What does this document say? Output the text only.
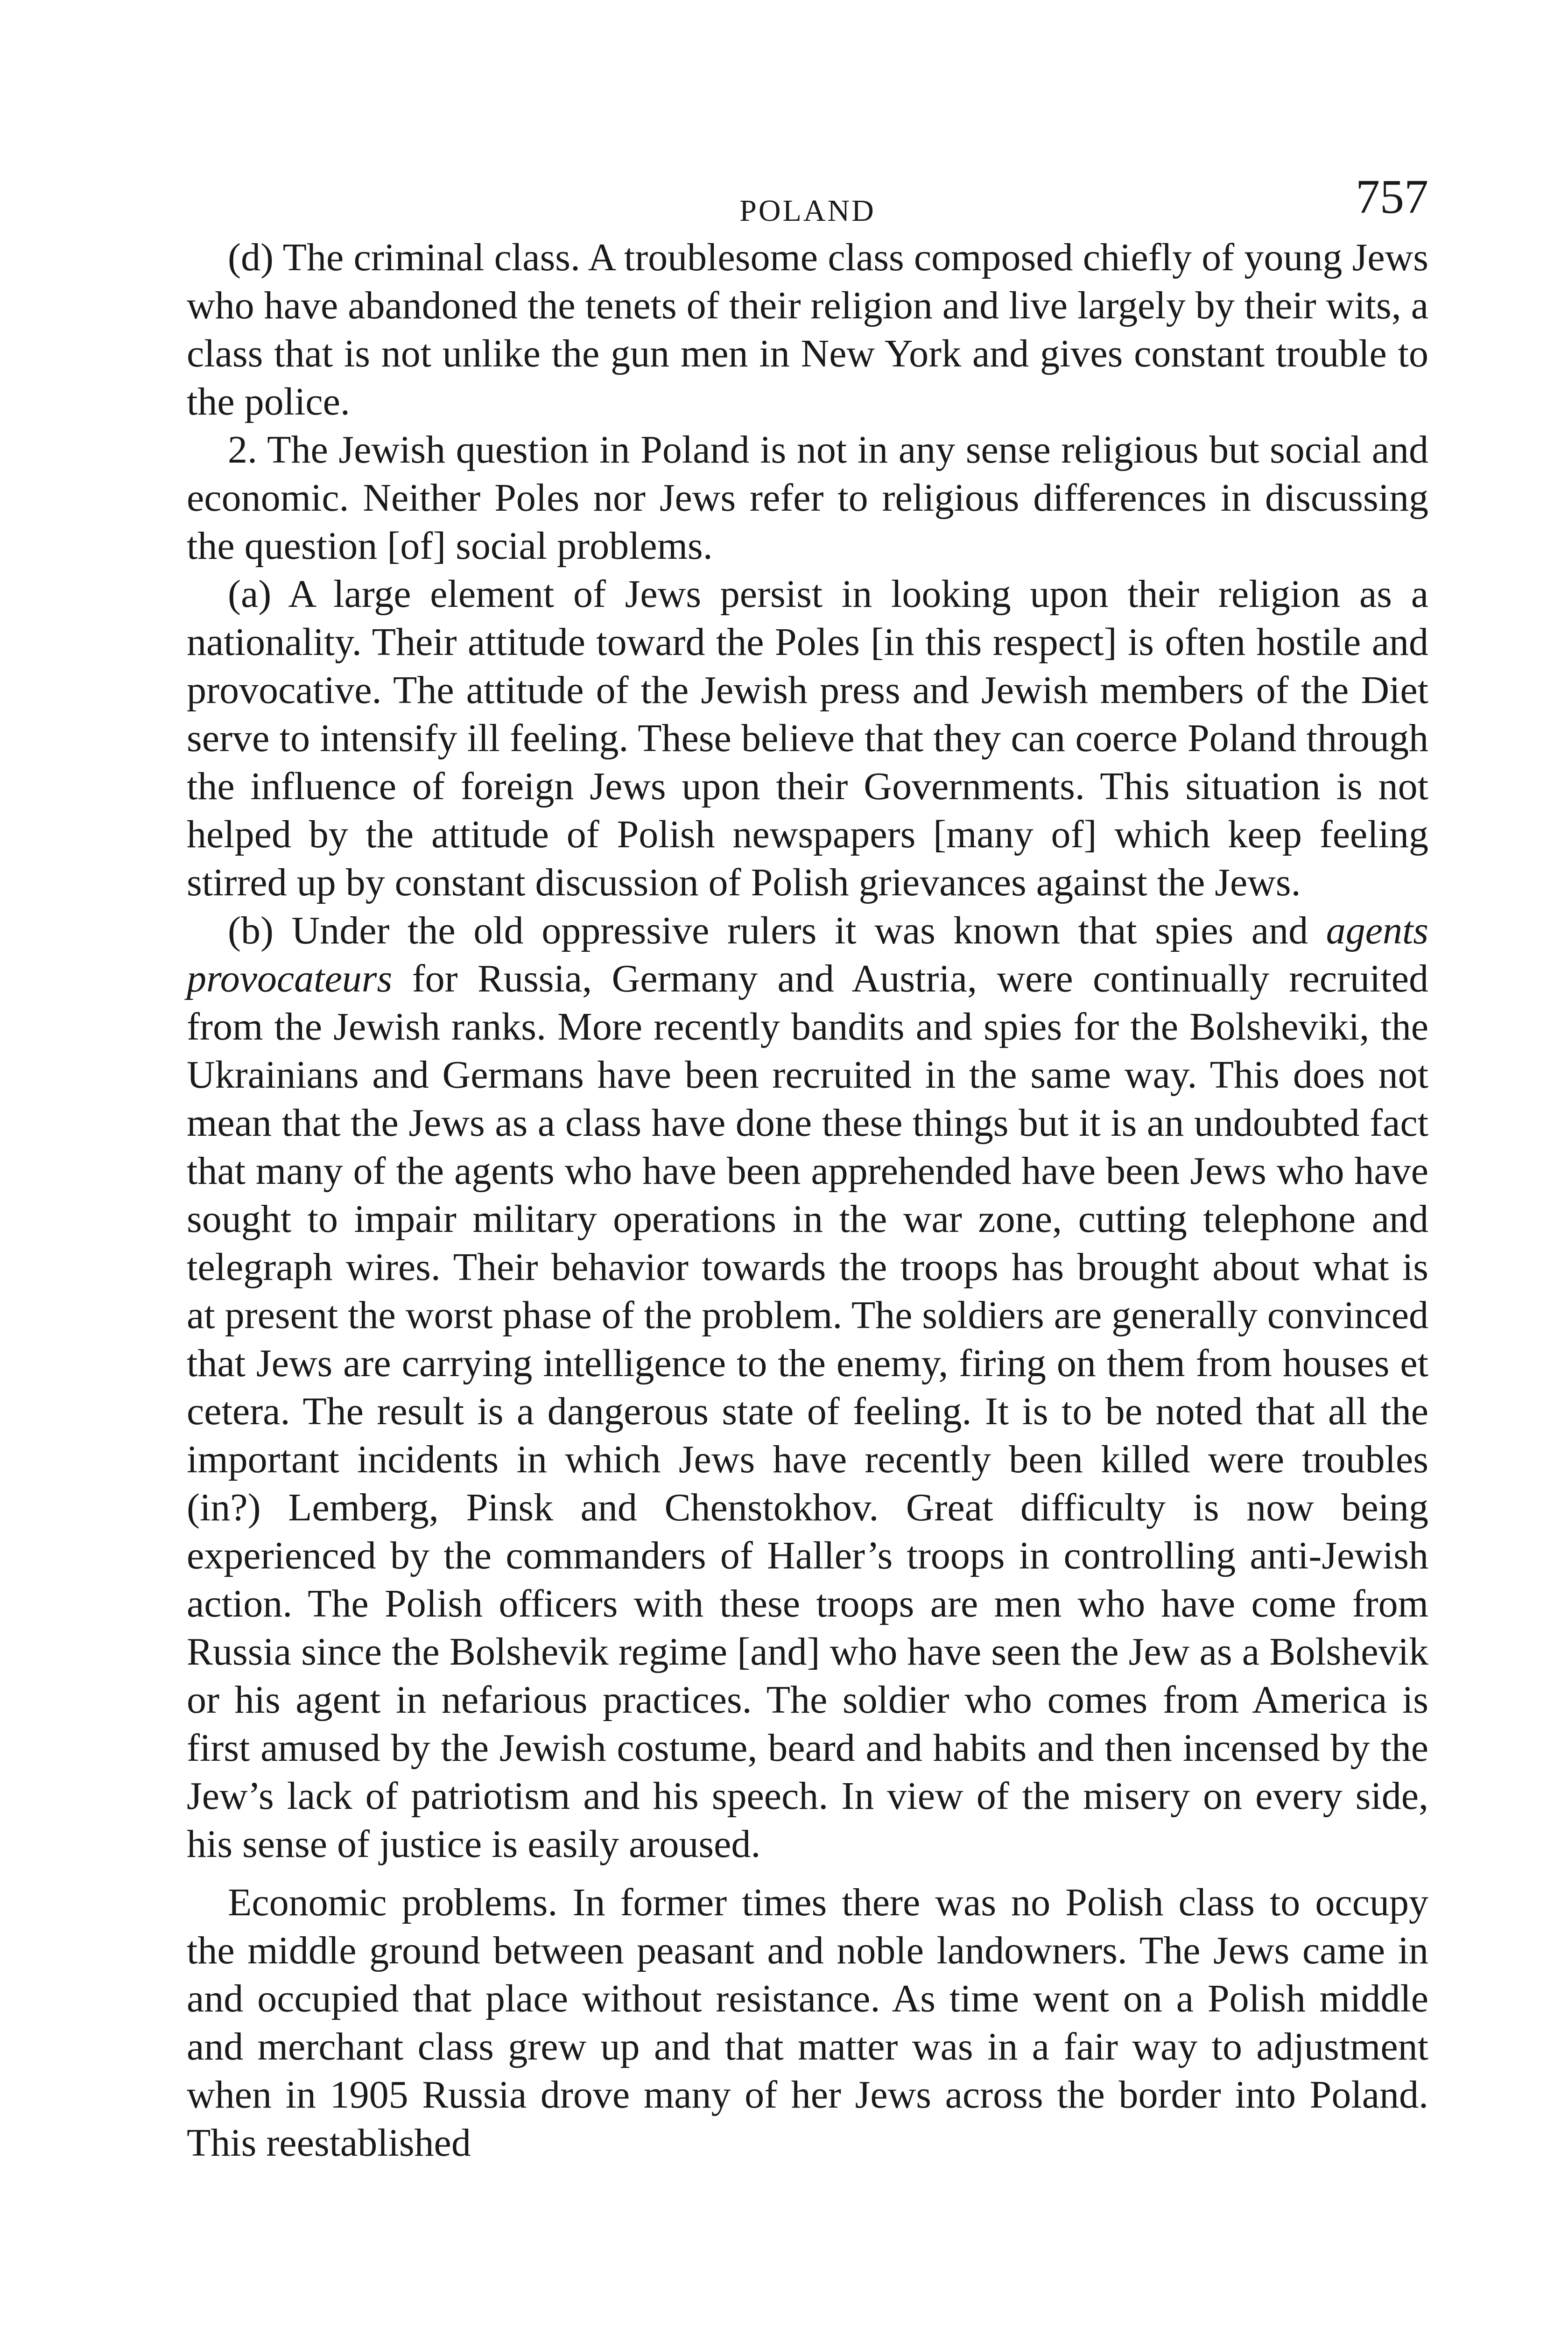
POLAND	757

(d) The criminal class. A troublesome class composed chiefly of young Jews who have abandoned the tenets of their religion and live largely by their wits, a class that is not unlike the gun men in New York and gives constant trouble to the police.

2. The Jewish question in Poland is not in any sense religious but social and economic. Neither Poles nor Jews refer to religious differences in discussing the question [of] social problems.

(a) A large element of Jews persist in looking upon their religion as a nationality. Their attitude toward the Poles [in this respect] is often hostile and provocative. The attitude of the Jewish press and Jewish members of the Diet serve to intensify ill feeling. These believe that they can coerce Poland through the influence of foreign Jews upon their Governments. This situation is not helped by the attitude of Polish newspapers [many of] which keep feeling stirred up by constant discussion of Polish grievances against the Jews.

(b) Under the old oppressive rulers it was known that spies and agents provocateurs for Russia, Germany and Austria, were continually recruited from the Jewish ranks. More recently bandits and spies for the Bolsheviki, the Ukrainians and Germans have been recruited in the same way. This does not mean that the Jews as a class have done these things but it is an undoubted fact that many of the agents who have been apprehended have been Jews who have sought to impair military operations in the war zone, cutting telephone and telegraph wires. Their behavior towards the troops has brought about what is at present the worst phase of the problem. The soldiers are generally convinced that Jews are carrying intelligence to the enemy, firing on them from houses et cetera. The result is a dangerous state of feeling. It is to be noted that all the important incidents in which Jews have recently been killed were troubles (in?) Lemberg, Pinsk and Chenstokhov. Great difficulty is now being experienced by the commanders of Haller’s troops in controlling anti-Jewish action. The Polish officers with these troops are men who have come from Russia since the Bolshevik regime [and] who have seen the Jew as a Bolshevik or his agent in nefarious practices. The soldier who comes from America is first amused by the Jewish costume, beard and habits and then incensed by the Jew’s lack of patriotism and his speech. In view of the misery on every side, his sense of justice is easily aroused.

Economic problems. In former times there was no Polish class to occupy the middle ground between peasant and noble landowners. The Jews came in and occupied that place without resistance. As time went on a Polish middle and merchant class grew up and that matter was in a fair way to adjustment when in 1905 Russia drove many of her Jews across the border into Poland. This reestablished
